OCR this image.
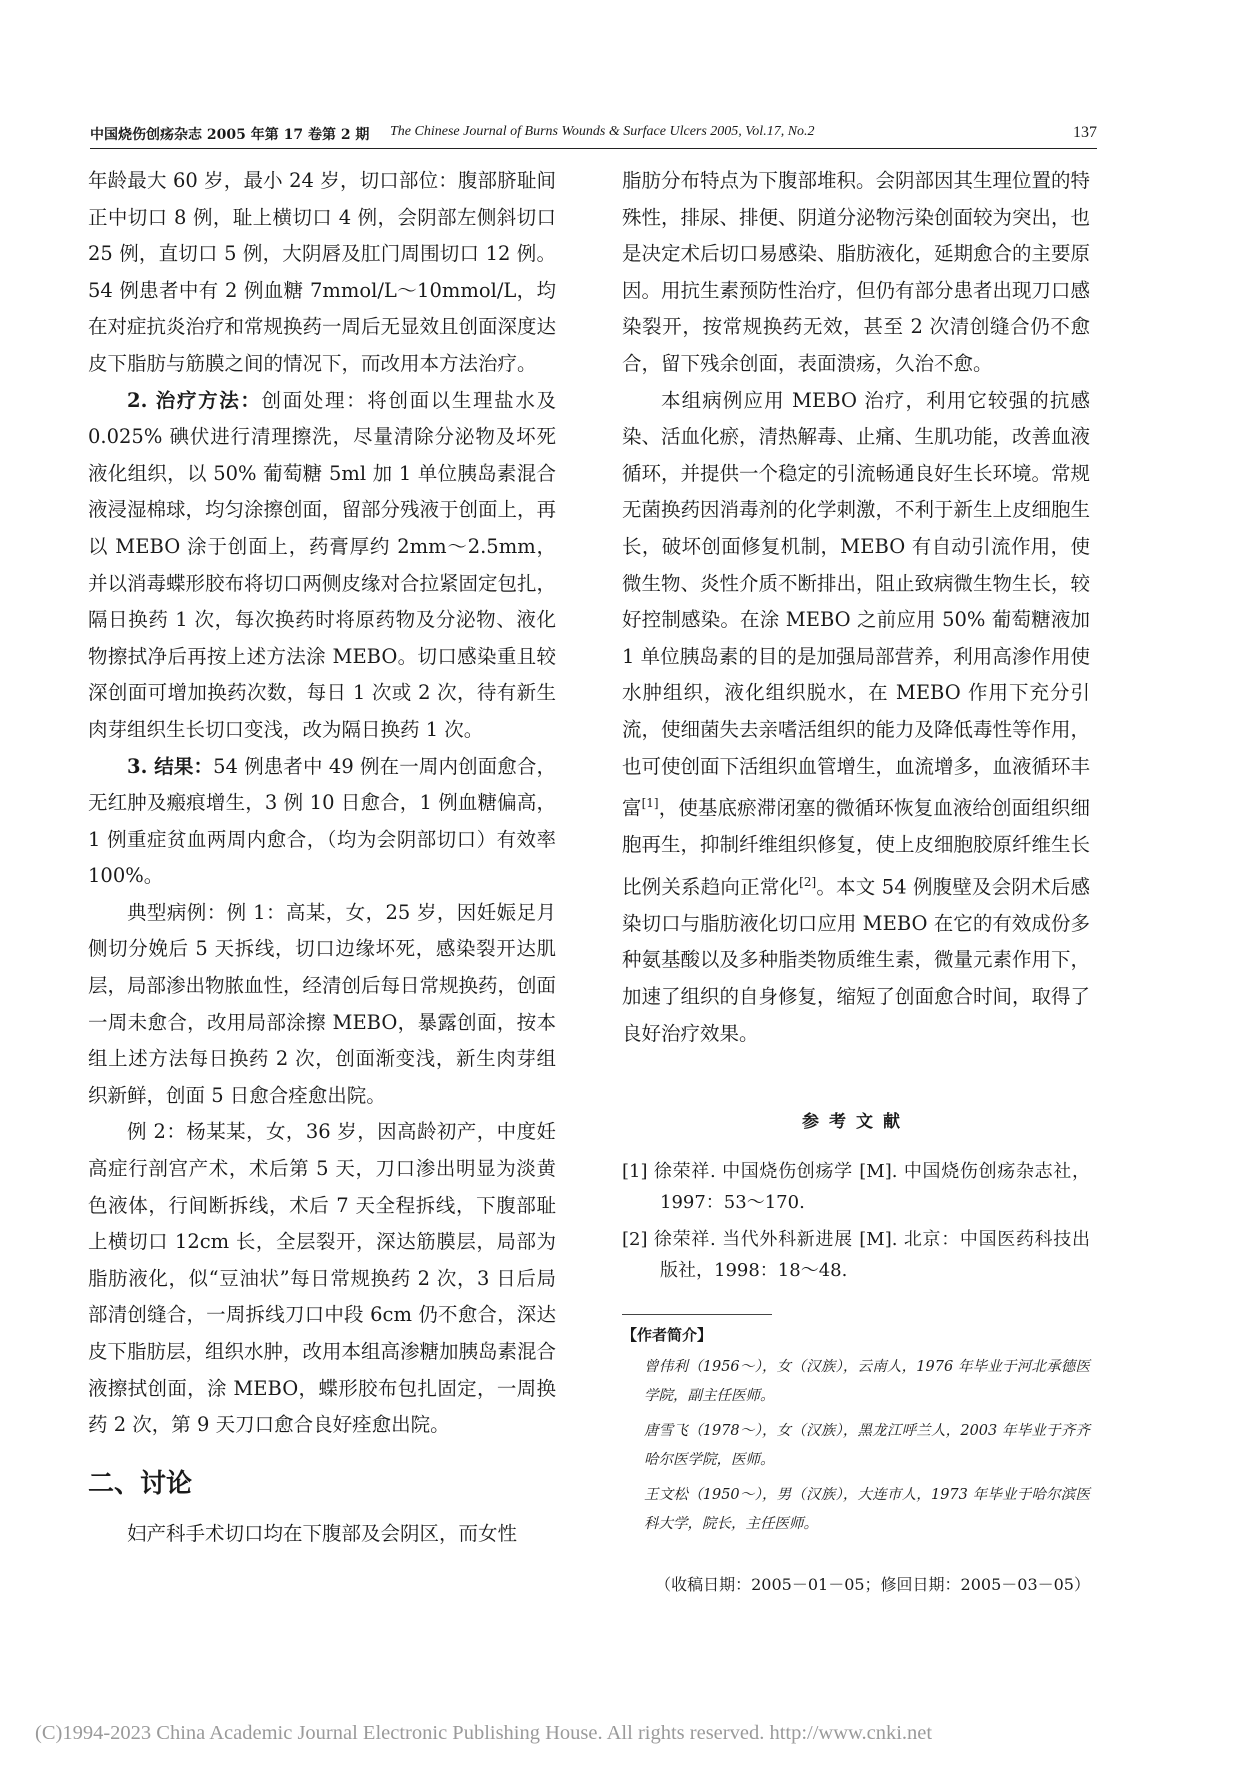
中国烧伤创疡杂志 2005 年第 17 卷第 2 期 The Chinese Journal of Burns Wounds & Surface Ulcers 2005, Vol.17, No.2	137

年龄最大 60 岁，最小 24 岁，切口部位：腹部脐耻间正中切口 8 例，耻上横切口 4 例，会阴部左侧斜切口 25 例，直切口 5 例，大阴唇及肛门周围切口 12 例。54 例患者中有 2 例血糖 7mmol/L～10mmol/L，均在对症抗炎治疗和常规换药一周后无显效且创面深度达皮下脂肪与筋膜之间的情况下，而改用本方法治疗。

2. 治疗方法：创面处理：将创面以生理盐水及 0.025% 碘伏进行清理擦洗，尽量清除分泌物及坏死液化组织，以 50% 葡萄糖 5ml 加 1 单位胰岛素混合液浸湿棉球，均匀涂擦创面，留部分残液于创面上，再以 MEBO 涂于创面上，药膏厚约 2mm～2.5mm，并以消毒蝶形胶布将切口两侧皮缘对合拉紧固定包扎，隔日换药 1 次，每次换药时将原药物及分泌物、液化物擦拭净后再按上述方法涂 MEBO。切口感染重且较深创面可增加换药次数，每日 1 次或 2 次，待有新生肉芽组织生长切口变浅，改为隔日换药 1 次。

3. 结果：54 例患者中 49 例在一周内创面愈合，无红肿及瘢痕增生，3 例 10 日愈合，1 例血糖偏高，1 例重症贫血两周内愈合，（均为会阴部切口）有效率 100%。

典型病例：例 1：高某，女，25 岁，因妊娠足月侧切分娩后 5 天拆线，切口边缘坏死，感染裂开达肌层，局部渗出物脓血性，经清创后每日常规换药，创面一周未愈合，改用局部涂擦 MEBO，暴露创面，按本组上述方法每日换药 2 次，创面渐变浅，新生肉芽组织新鲜，创面 5 日愈合痊愈出院。

例 2：杨某某，女，36 岁，因高龄初产，中度妊高症行剖宫产术，术后第 5 天，刀口渗出明显为淡黄色液体，行间断拆线，术后 7 天全程拆线，下腹部耻上横切口 12cm 长，全层裂开，深达筋膜层，局部为脂肪液化，似“豆油状”每日常规换药 2 次，3 日后局部清创缝合，一周拆线刀口中段 6cm 仍不愈合，深达皮下脂肪层，组织水肿，改用本组高渗糖加胰岛素混合液擦拭创面，涂 MEBO，蝶形胶布包扎固定，一周换药 2 次，第 9 天刀口愈合良好痊愈出院。

二、讨论

妇产科手术切口均在下腹部及会阴区，而女性

脂肪分布特点为下腹部堆积。会阴部因其生理位置的特殊性，排尿、排便、阴道分泌物污染创面较为突出，也是决定术后切口易感染、脂肪液化，延期愈合的主要原因。用抗生素预防性治疗，但仍有部分患者出现刀口感染裂开，按常规换药无效，甚至 2 次清创缝合仍不愈合，留下残余创面，表面溃疡，久治不愈。

本组病例应用 MEBO 治疗，利用它较强的抗感染、活血化瘀，清热解毒、止痛、生肌功能，改善血液循环，并提供一个稳定的引流畅通良好生长环境。常规无菌换药因消毒剂的化学刺激，不利于新生上皮细胞生长，破坏创面修复机制，MEBO 有自动引流作用，使微生物、炎性介质不断排出，阻止致病微生物生长，较好控制感染。在涂 MEBO 之前应用 50% 葡萄糖液加 1 单位胰岛素的目的是加强局部营养，利用高渗作用使水肿组织，液化组织脱水，在 MEBO 作用下充分引流，使细菌失去亲嗜活组织的能力及降低毒性等作用，也可使创面下活组织血管增生，血流增多，血液循环丰富[1]，使基底瘀滞闭塞的微循环恢复血液给创面组织细胞再生，抑制纤维组织修复，使上皮细胞胶原纤维生长比例关系趋向正常化[2]。本文 54 例腹壁及会阴术后感染切口与脂肪液化切口应用 MEBO 在它的有效成份多种氨基酸以及多种脂类物质维生素，微量元素作用下，加速了组织的自身修复，缩短了创面愈合时间，取得了良好治疗效果。

参考文献

[1] 徐荣祥. 中国烧伤创疡学 [M]. 中国烧伤创疡杂志社，1997：53～170.

[2] 徐荣祥. 当代外科新进展 [M]. 北京：中国医药科技出版社，1998：18～48.

【作者简介】

曾伟利（1956～），女（汉族），云南人，1976 年毕业于河北承德医学院，副主任医师。

唐雪飞（1978～），女（汉族），黑龙江呼兰人，2003 年毕业于齐齐哈尔医学院，医师。

王文松（1950～），男（汉族），大连市人，1973 年毕业于哈尔滨医科大学，院长，主任医师。

（收稿日期：2005－01－05；修回日期：2005－03－05）

(C)1994-2023 China Academic Journal Electronic Publishing House. All rights reserved. http://www.cnki.net
